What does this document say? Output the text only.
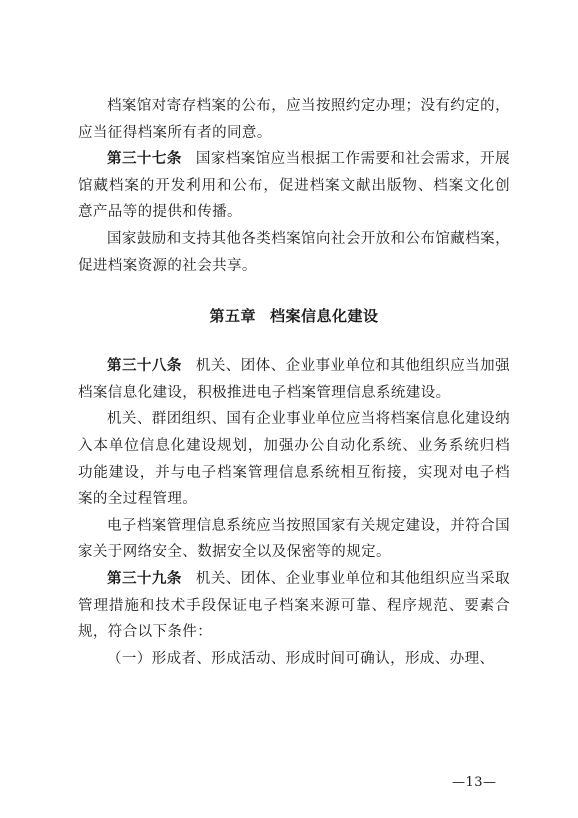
档案馆对寄存档案的公布，应当按照约定办理；没有约定的，应当征得档案所有者的同意。

第三十七条 国家档案馆应当根据工作需要和社会需求，开展馆藏档案的开发利用和公布，促进档案文献出版物、档案文化创意产品等的提供和传播。

国家鼓励和支持其他各类档案馆向社会开放和公布馆藏档案，促进档案资源的社会共享。

第五章 档案信息化建设

第三十八条 机关、团体、企业事业单位和其他组织应当加强档案信息化建设，积极推进电子档案管理信息系统建设。

机关、群团组织、国有企业事业单位应当将档案信息化建设纳入本单位信息化建设规划，加强办公自动化系统、业务系统归档功能建设，并与电子档案管理信息系统相互衔接，实现对电子档案的全过程管理。

电子档案管理信息系统应当按照国家有关规定建设，并符合国家关于网络安全、数据安全以及保密等的规定。

第三十九条 机关、团体、企业事业单位和其他组织应当采取管理措施和技术手段保证电子档案来源可靠、程序规范、要素合规，符合以下条件：

（一）形成者、形成活动、形成时间可确认，形成、办理、

—13—
